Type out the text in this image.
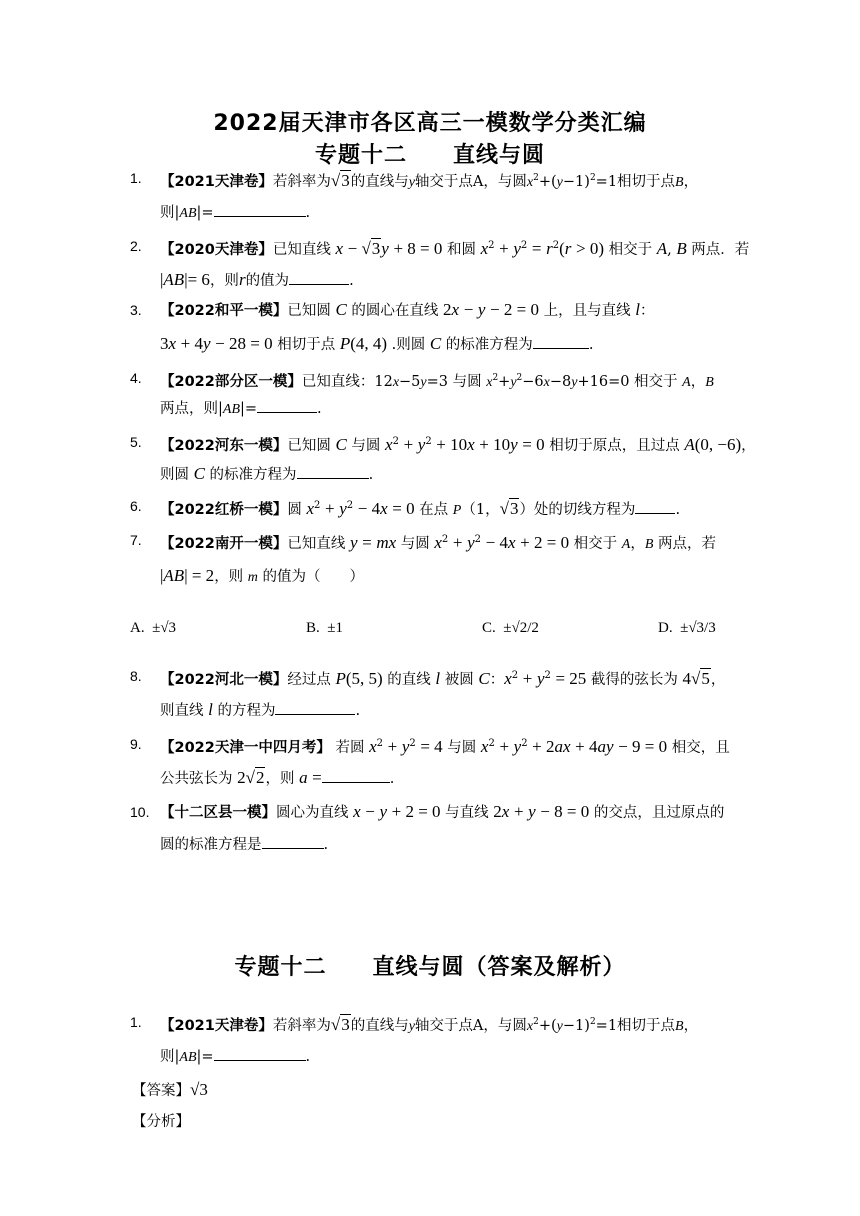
2022届天津市各区高三一模数学分类汇编
专题十二　　直线与圆
1.	【2021天津卷】若斜率为√3的直线与y轴交于点A，与圆$x^2+(y-1)^2=1$相切于点B，
则|AB|=	.
2.	【2020天津卷】已知直线 x − √3y + 8 = 0 和圆 $x^2 + y^2 = r^2(r > 0)$ 相交于 A, B 两点．若
|AB|= 6，则r的值为	.
3.	【2022和平一模】已知圆 C 的圆心在直线 2x − y − 2 = 0 上，且与直线 l：
3x + 4y − 28 = 0 相切于点 P(4, 4) .则圆 C 的标准方程为	.
4.	【2022部分区一模】已知直线：12x−5y=3 与圆 $x^2+y^2-6x-8y+16=0$ 相交于 A，B
两点，则|AB|=	.
5.	【2022河东一模】已知圆 C 与圆 $x^2 + y^2 + 10x + 10y = 0$ 相切于原点，且过点 A(0, −6)，
则圆 C 的标准方程为	.
6.	【2022红桥一模】圆 $x^2 + y^2 - 4x = 0$ 在点 P（1，√3）处的切线方程为	.
7.	【2022南开一模】已知直线 y = mx 与圆 $x^2 + y^2 - 4x + 2 = 0$ 相交于 A，B 两点，若
|AB| = 2，则 m 的值为（　　）
A. ±√3	B. ±1	C. ±√2/2	D. ±√3/3
8.	【2022河北一模】经过点 P(5, 5) 的直线 l 被圆 C：$x^2 + y^2 = 25$ 截得的弦长为 4√5，
则直线 l 的方程为	.
9.	【2022天津一中四月考】 若圆 $x^2 + y^2 = 4$ 与圆 $x^2 + y^2 + 2ax + 4ay - 9 = 0$ 相交，且
公共弦长为 2√2，则 a =	.
10. 【十二区县一模】圆心为直线 x − y + 2 = 0 与直线 2x + y − 8 = 0 的交点，且过原点的
圆的标准方程是	.
专题十二　　直线与圆（答案及解析）
1.	【2021天津卷】若斜率为√3的直线与y轴交于点A，与圆$x^2+(y-1)^2=1$相切于点B，
则|AB|=	.
【答案】√3
【分析】
